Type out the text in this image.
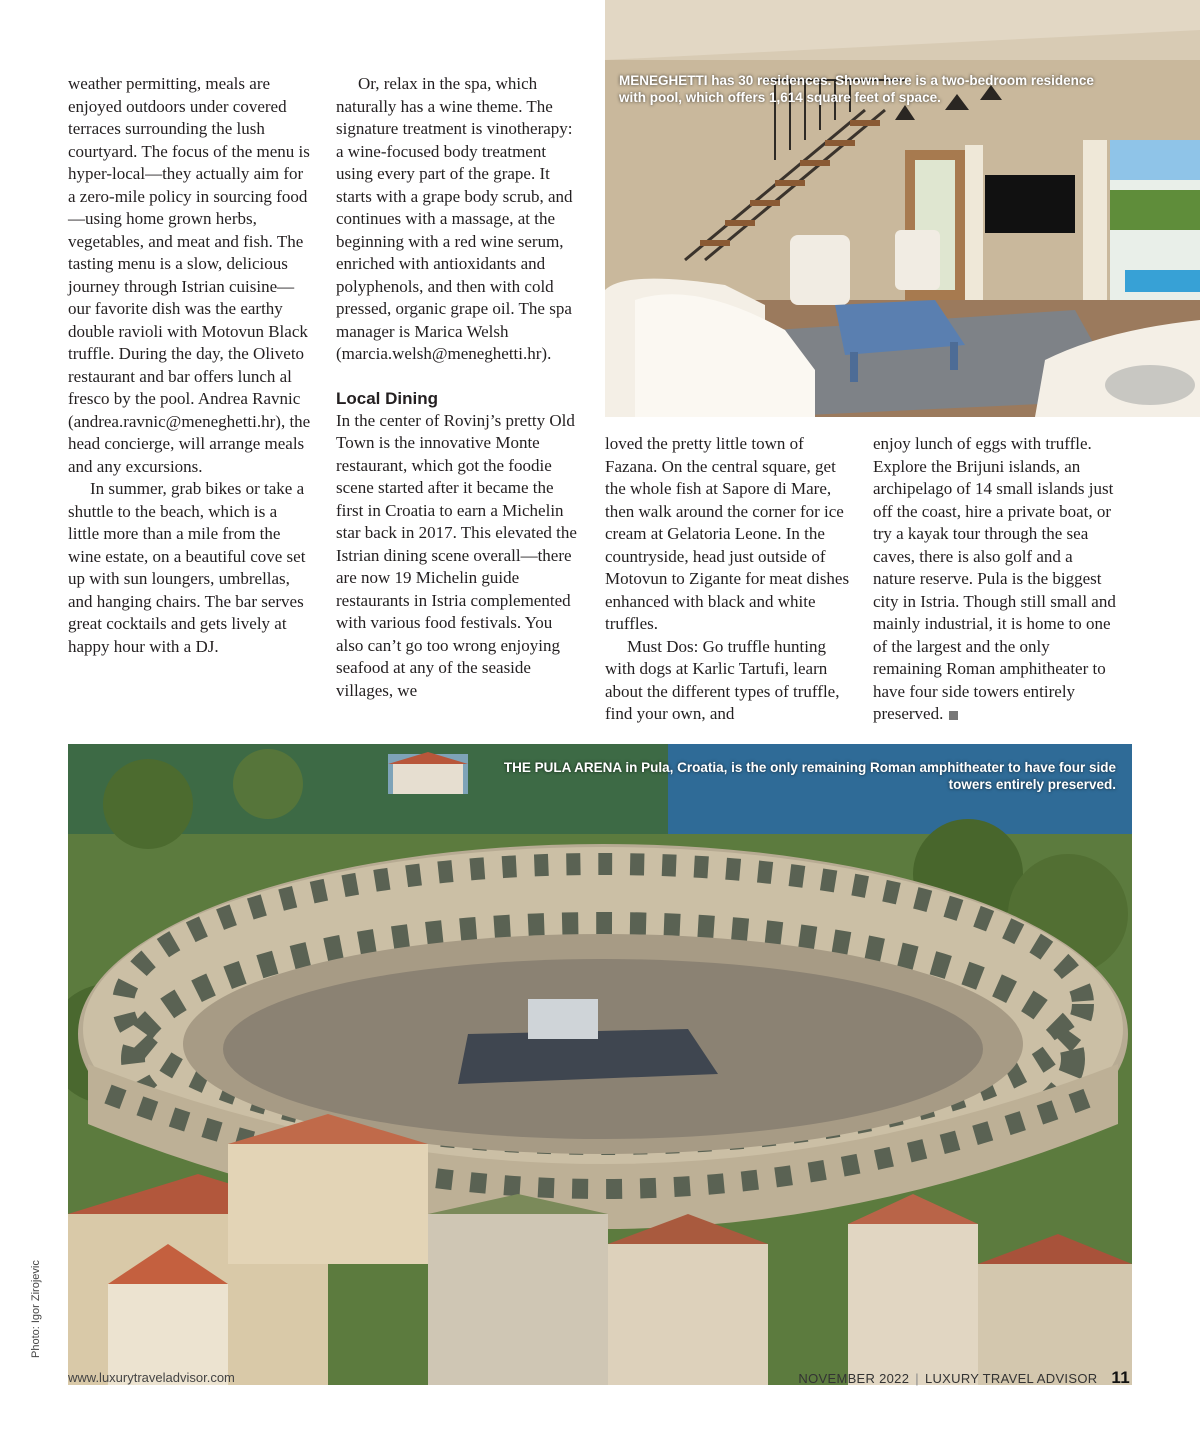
weather permitting, meals are enjoyed outdoors under covered terraces surrounding the lush courtyard. The focus of the menu is hyper-local—they actually aim for a zero-mile policy in sourcing food—using home grown herbs, vegetables, and meat and fish. The tasting menu is a slow, delicious journey through Istrian cuisine—our favorite dish was the earthy double ravioli with Motovun Black truffle. During the day, the Oliveto restaurant and bar offers lunch al fresco by the pool. Andrea Ravnic (andrea.ravnic@meneghetti.hr), the head concierge, will arrange meals and any excursions.

In summer, grab bikes or take a shuttle to the beach, which is a little more than a mile from the wine estate, on a beautiful cove set up with sun loungers, umbrellas, and hanging chairs. The bar serves great cocktails and gets lively at happy hour with a DJ.

Or, relax in the spa, which naturally has a wine theme. The signature treatment is vinotherapy: a wine-focused body treatment using every part of the grape. It starts with a grape body scrub, and continues with a massage, at the beginning with a red wine serum, enriched with antioxidants and polyphenols, and then with cold pressed, organic grape oil. The spa manager is Marica Welsh (marcia.welsh@meneghetti.hr).

Local Dining

In the center of Rovinj’s pretty Old Town is the innovative Monte restaurant, which got the foodie scene started after it became the first in Croatia to earn a Michelin star back in 2017. This elevated the Istrian dining scene overall—there are now 19 Michelin guide restaurants in Istria complemented with various food festivals. You also can’t go too wrong enjoying seafood at any of the seaside villages, we

MENEGHETTI has 30 residences. Shown here is a two-bedroom residence with pool, which offers 1,614 square feet of space.

loved the pretty little town of Fazana. On the central square, get the whole fish at Sapore di Mare, then walk around the corner for ice cream at Gelatoria Leone. In the countryside, head just outside of Motovun to Zigante for meat dishes enhanced with black and white truffles.

Must Dos: Go truffle hunting with dogs at Karlic Tartufi, learn about the different types of truffle, find your own, and

enjoy lunch of eggs with truffle. Explore the Brijuni islands, an archipelago of 14 small islands just off the coast, hire a private boat, or try a kayak tour through the sea caves, there is also golf and a nature reserve. Pula is the biggest city in Istria. Though still small and mainly industrial, it is home to one of the largest and the only remaining Roman amphitheater to have four side towers entirely preserved.

THE PULA ARENA in Pula, Croatia, is the only remaining Roman amphitheater to have four side towers entirely preserved.
Photo: Igor Zirojevic
www.luxurytraveladvisor.com	NOVEMBER 2022 | LUXURY TRAVEL ADVISOR 11
